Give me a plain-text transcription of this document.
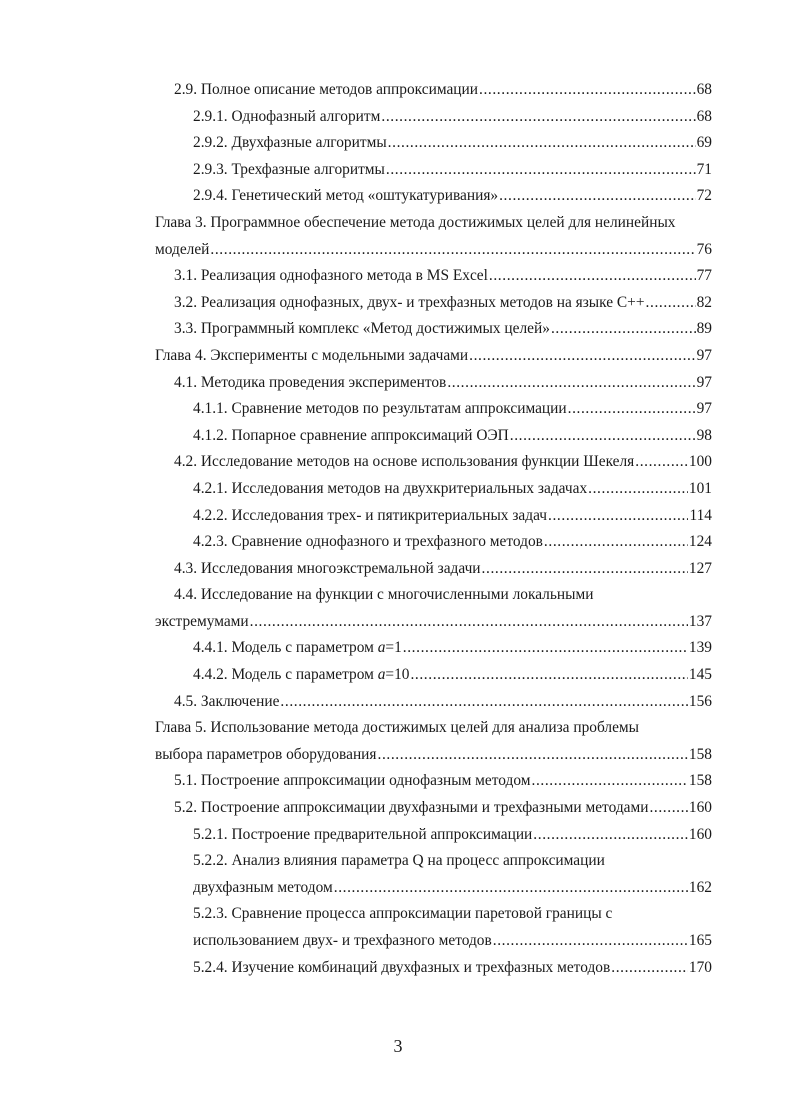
2.9. Полное описание методов аппроксимации .....	68
2.9.1. Однофазный алгоритм .....	68
2.9.2. Двухфазные алгоритмы .....	69
2.9.3. Трехфазные алгоритмы .....	71
2.9.4. Генетический метод «оштукатуривания» .....	72
Глава 3. Программное обеспечение метода достижимых целей для нелинейных
моделей .....	76
3.1. Реализация однофазного метода в MS Excel .....	77
3.2. Реализация однофазных, двух- и трехфазных методов на языке С++ .....	82
3.3. Программный комплекс «Метод достижимых целей» .....	89
Глава 4. Эксперименты с модельными задачами .....	97
4.1. Методика проведения экспериментов .....	97
4.1.1. Сравнение методов по результатам аппроксимации .....	97
4.1.2. Попарное сравнение аппроксимаций ОЭП .....	98
4.2. Исследование методов на основе использования функции Шекеля .....	100
4.2.1. Исследования методов на двухкритериальных задачах .....	101
4.2.2. Исследования трех- и пятикритериальных задач .....	114
4.2.3. Сравнение однофазного и трехфазного методов .....	124
4.3. Исследования многоэкстремальной задачи .....	127
4.4. Исследование на функции с многочисленными локальными
экстремумами .....	137
4.4.1. Модель с параметром a=1 .....	139
4.4.2. Модель с параметром a=10 .....	145
4.5. Заключение .....	156
Глава 5. Использование метода достижимых целей для анализа проблемы
выбора параметров оборудования .....	158
5.1. Построение аппроксимации однофазным методом .....	158
5.2. Построение аппроксимации двухфазными и трехфазными методами .....	160
5.2.1. Построение предварительной аппроксимации .....	160
5.2.2. Анализ влияния параметра Q на процесс аппроксимации
двухфазным методом .....	162
5.2.3. Сравнение процесса аппроксимации паретовой границы с
использованием двух- и трехфазного методов .....	165
5.2.4. Изучение комбинаций двухфазных и трехфазных методов .....	170
3
